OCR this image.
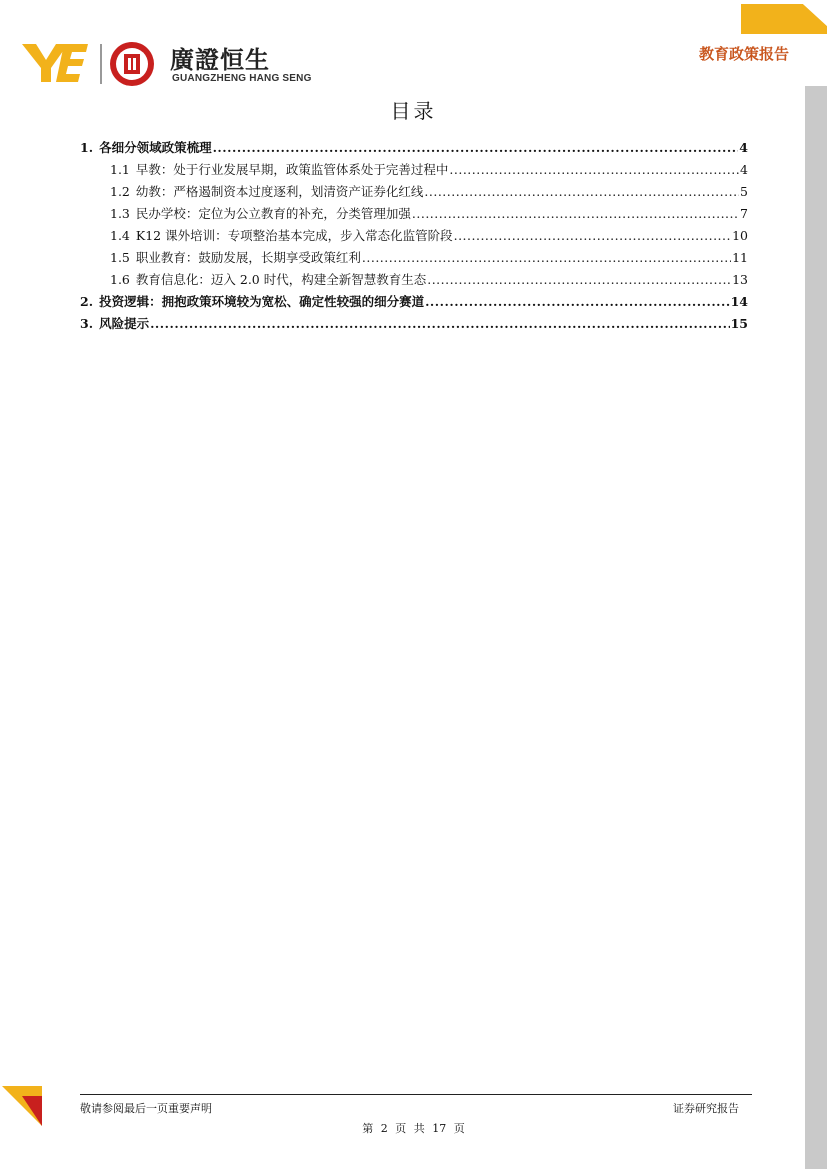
廣證恒生
GUANGZHENG HANG SENG
教育政策报告
目录
1. 各细分领域政策梳理 .....	4
1.1 早教：处于行业发展早期，政策监管体系处于完善过程中 .....	4
1.2 幼教：严格遏制资本过度逐利，划清资产证券化红线 .....	5
1.3 民办学校：定位为公立教育的补充，分类管理加强 .....	7
1.4 K12 课外培训：专项整治基本完成，步入常态化监管阶段 .....	10
1.5 职业教育：鼓励发展，长期享受政策红利 .....	11
1.6 教育信息化：迈入 2.0 时代，构建全新智慧教育生态 .....	13
2. 投资逻辑：拥抱政策环境较为宽松、确定性较强的细分赛道 .....	14
3. 风险提示 .....	15
敬请参阅最后一页重要声明	证券研究报告
第 2 页 共 17 页
